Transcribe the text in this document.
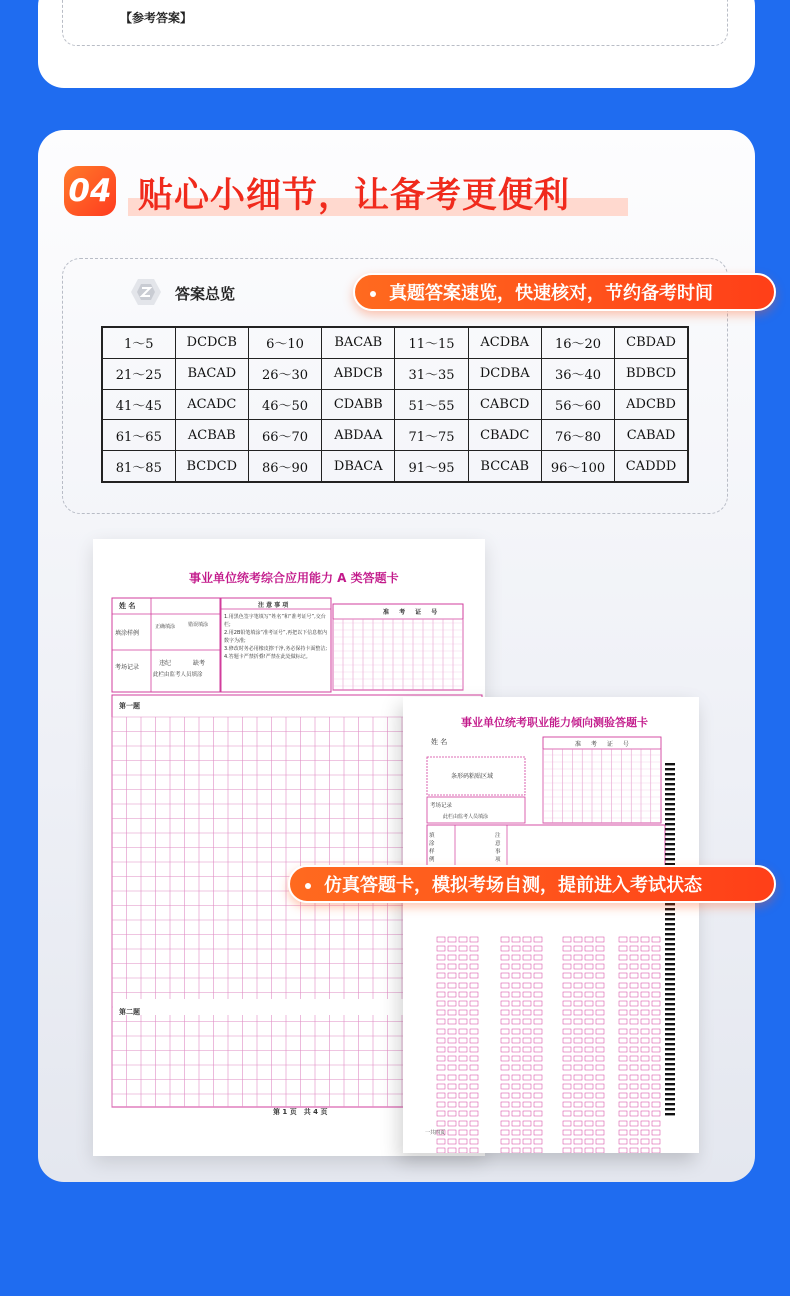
【参考答案】
04 贴心小细节，让备考更便利
答案总览	真题答案速览，快速核对，节约备考时间
1～5	DCDCB	6～10	BACAB	11～15	ACDBA	16～20	CBDAD
21～25	BACAD	26～30	ABDCB	31～35	DCDBA	36～40	BDBCD
41～45	ACADC	46～50	CDABB	51～55	CABCD	56～60	ADCBD
61～65	ACBAB	66～70	ABDAA	71～75	CBADC	76～80	CABAD
81～85	BCDCD	86～90	DBACA	91～95	BCCAB	96～100	CADDD
事业单位统考综合应用能力 A 类答题卡
姓 名
填涂样例
正确填涂	错误填涂
考场记录
违纪	缺考
此栏由监考人员填涂
注 意 事 项
1.用黑色签字笔填写“姓名”和“准考证号”,交台栏;
2.用2B铅笔填涂“准考证号”,再把以下信息框内数字为准;
3.修改时务必用橡皮擦干净,务必保持卡面整洁;
4.答题卡严禁折叠!严禁在此处做标记。
准 考 证 号
第一题
第二题
第 1 页　共 4 页
事业单位统考职业能力倾向测验答题卡
姓 名	准 考 证 号
条形码粘贴区域
考场记录
此栏由监考人员填涂
填涂样例
注意事项
一共四页
仿真答题卡，模拟考场自测，提前进入考试状态
